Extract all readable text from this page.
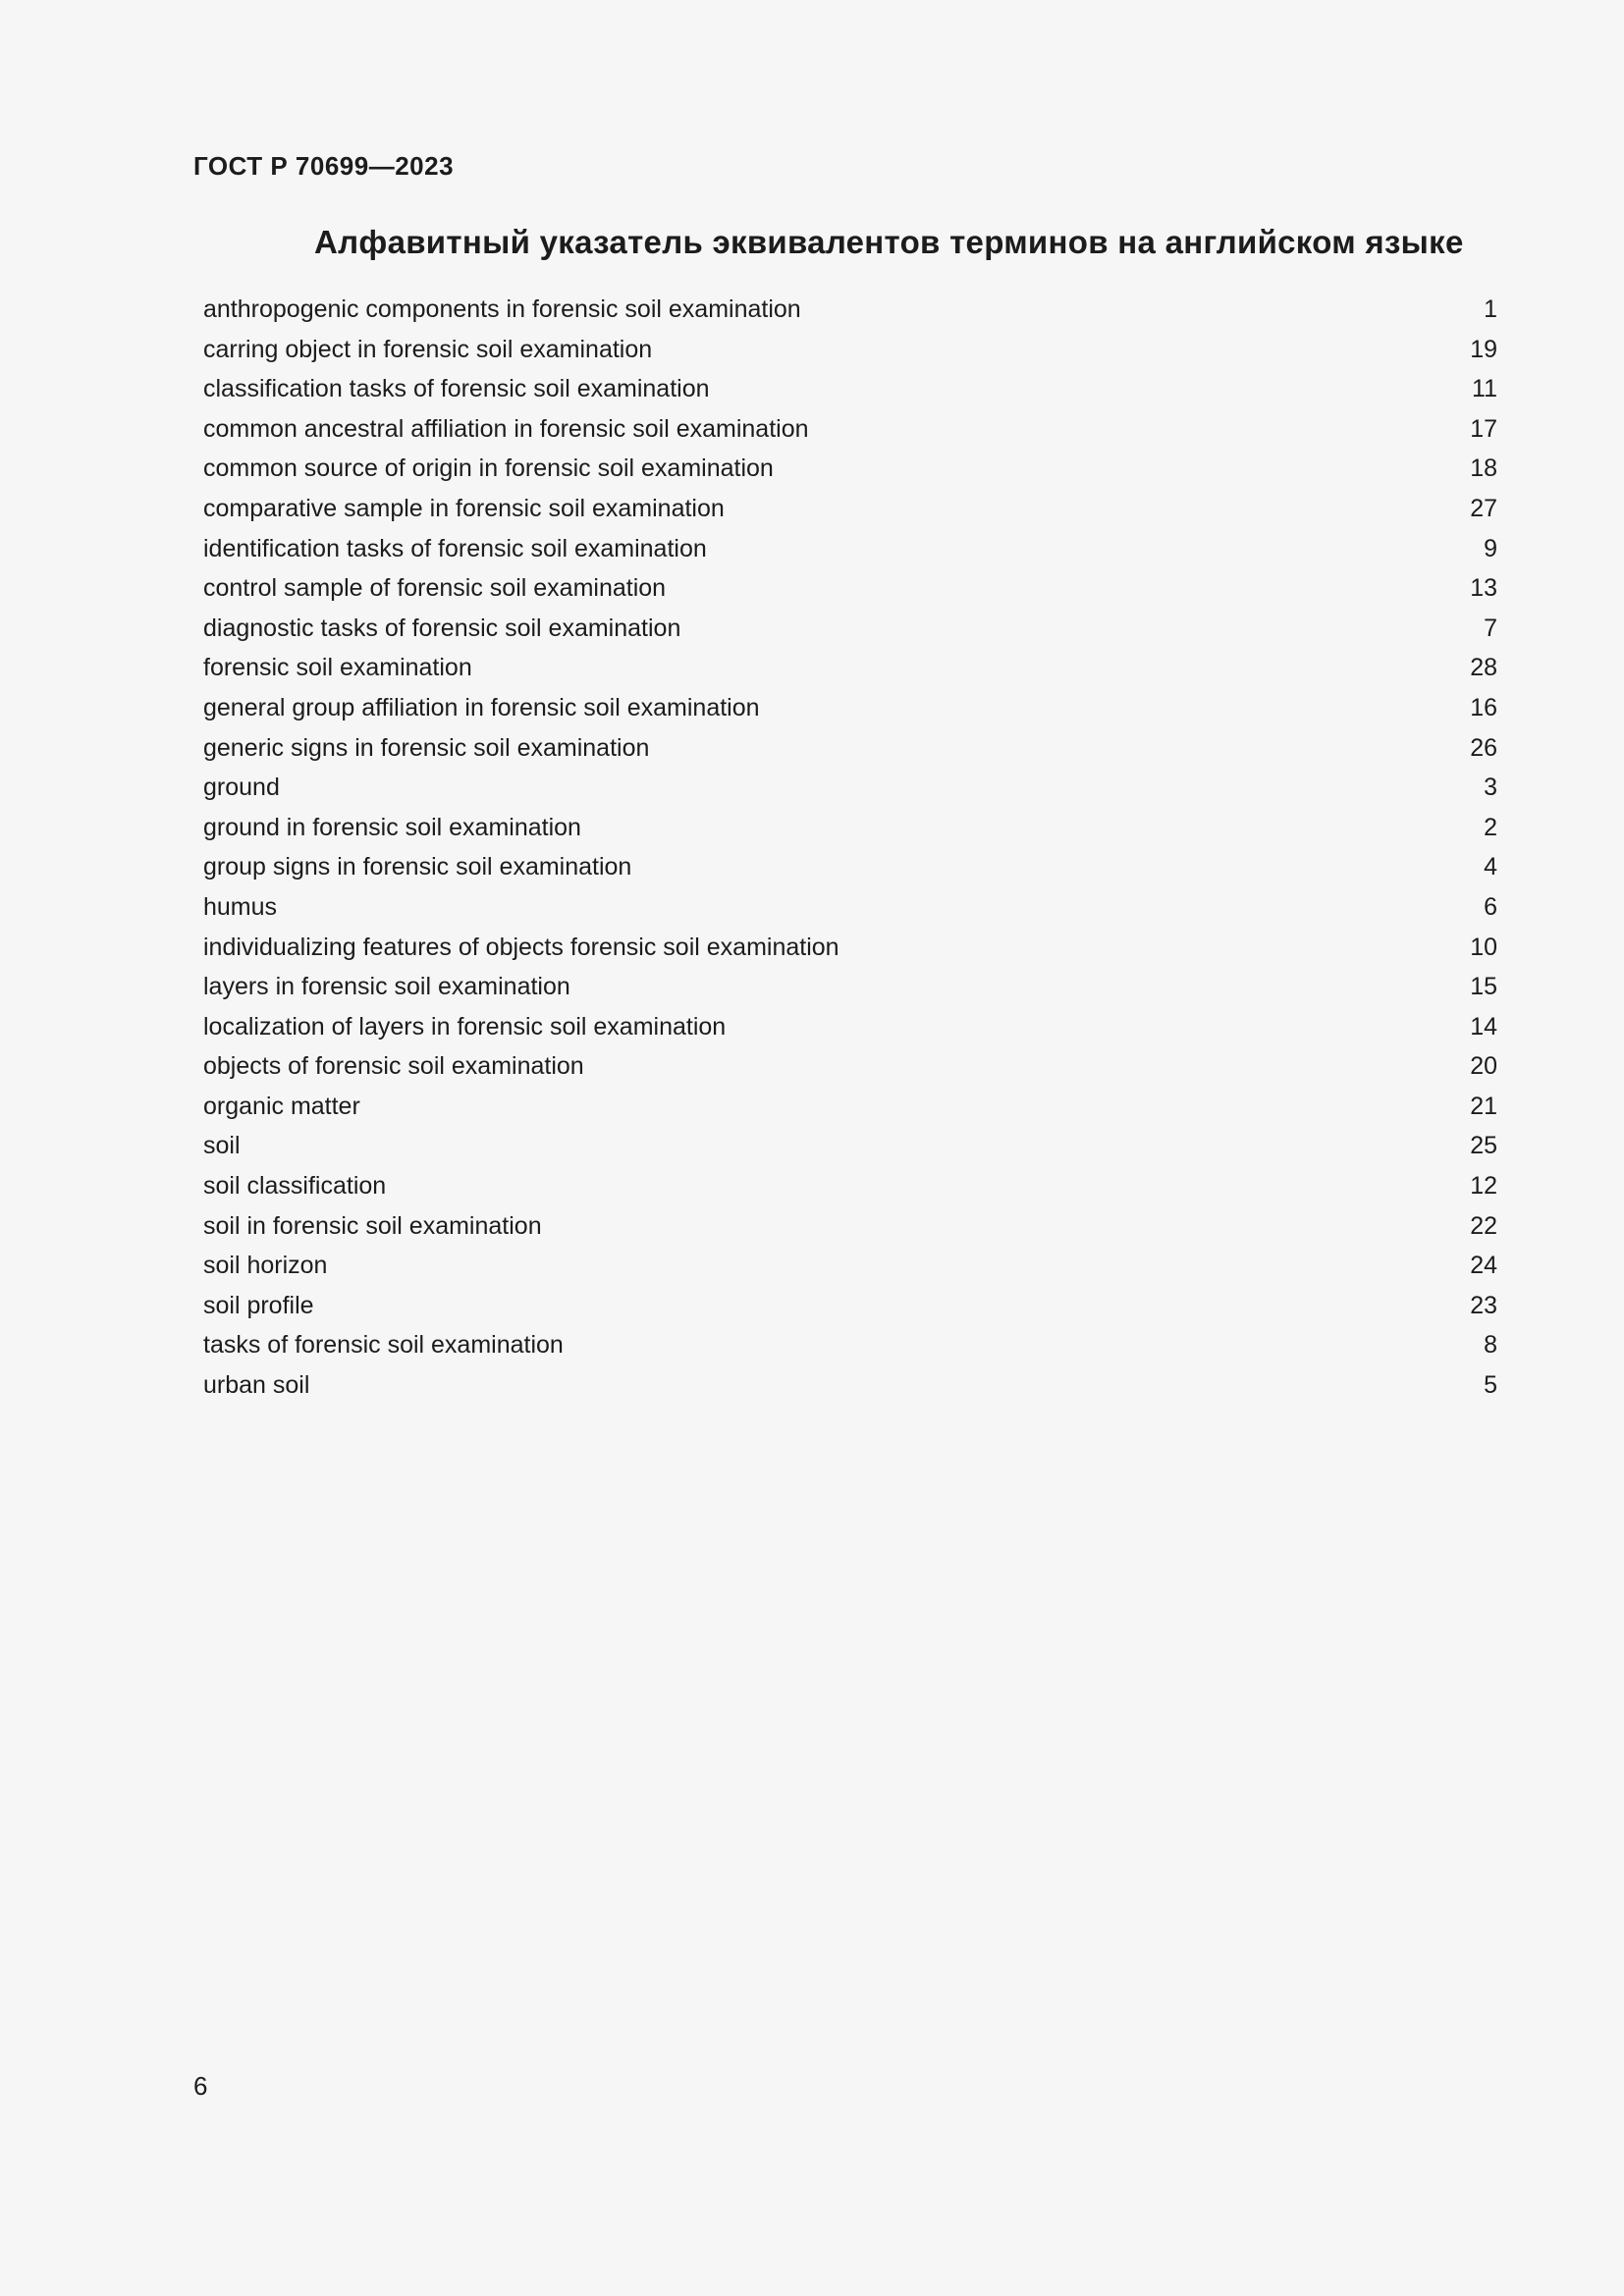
ГОСТ Р 70699—2023

Алфавитный указатель эквивалентов терминов на английском языке
anthropogenic components in forensic soil examination	1
carring object in forensic soil examination	19
classification tasks of forensic soil examination	11
common ancestral affiliation in forensic soil examination	17
common source of origin in forensic soil examination	18
comparative sample in forensic soil examination	27
identification tasks of forensic soil examination	9
control sample of forensic soil examination	13
diagnostic tasks of forensic soil examination	7
forensic soil examination	28
general group affiliation in forensic soil examination	16
generic signs in forensic soil examination	26
ground	3
ground in forensic soil examination	2
group signs in forensic soil examination	4
humus	6
individualizing features of objects forensic soil examination	10
layers in forensic soil examination	15
localization of layers in forensic soil examination	14
objects of forensic soil examination	20
organic matter	21
soil	25
soil classification	12
soil in forensic soil examination	22
soil horizon	24
soil profile	23
tasks of forensic soil examination	8
urban soil	5

6
